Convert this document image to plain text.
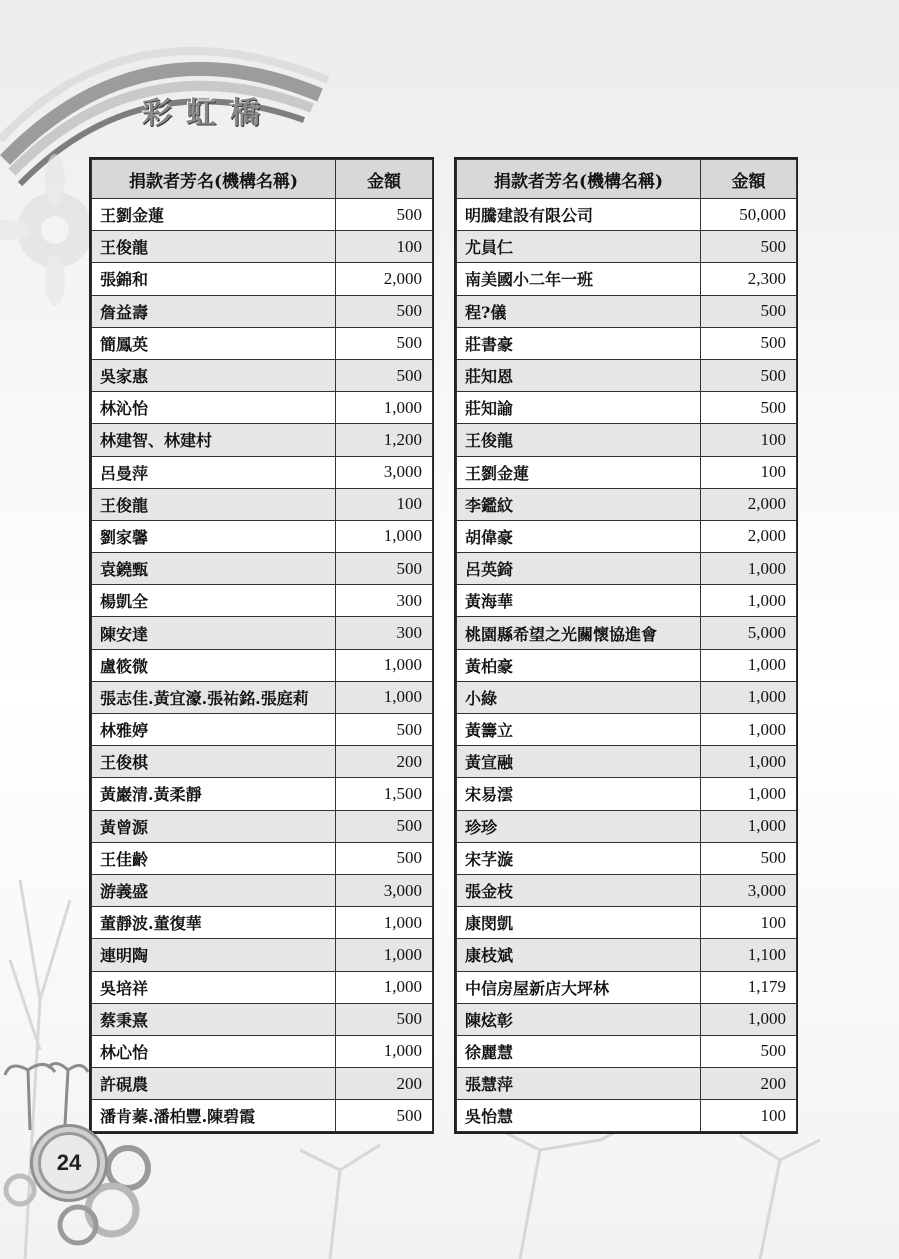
彩虹橋
捐款者芳名(機構名稱)	金額
王劉金蓮	500
王俊龍	100
張錦和	2,000
詹益壽	500
簡鳳英	500
吳家惠	500
林沁怡	1,000
林建智、林建村	1,200
呂曼萍	3,000
王俊龍	100
劉家馨	1,000
袁鐃甄	500
楊凱全	300
陳安達	300
盧筱微	1,000
張志佳.黃宜濠.張祐銘.張庭莉	1,000
林雅婷	500
王俊棋	200
黃巖清.黃柔靜	1,500
黃曾源	500
王佳齡	500
游義盛	3,000
董靜波.董復華	1,000
連明陶	1,000
吳培祥	1,000
蔡秉熹	500
林心怡	1,000
許硯農	200
潘肯蓁.潘柏豐.陳碧霞	500
捐款者芳名(機構名稱)	金額
明騰建設有限公司	50,000
尤員仁	500
南美國小二年一班	2,300
程?儀	500
莊書豪	500
莊知恩	500
莊知諭	500
王俊龍	100
王劉金蓮	100
李鑑紋	2,000
胡偉豪	2,000
呂英錡	1,000
黃海華	1,000
桃園縣希望之光關懷協進會	5,000
黃柏豪	1,000
小綠	1,000
黃籌立	1,000
黃宣融	1,000
宋易澐	1,000
珍珍	1,000
宋芓漩	500
張金枝	3,000
康閔凱	100
康枝斌	1,100
中信房屋新店大坪林	1,179
陳炫彰	1,000
徐麗慧	500
張慧萍	200
吳怡慧	100
24
